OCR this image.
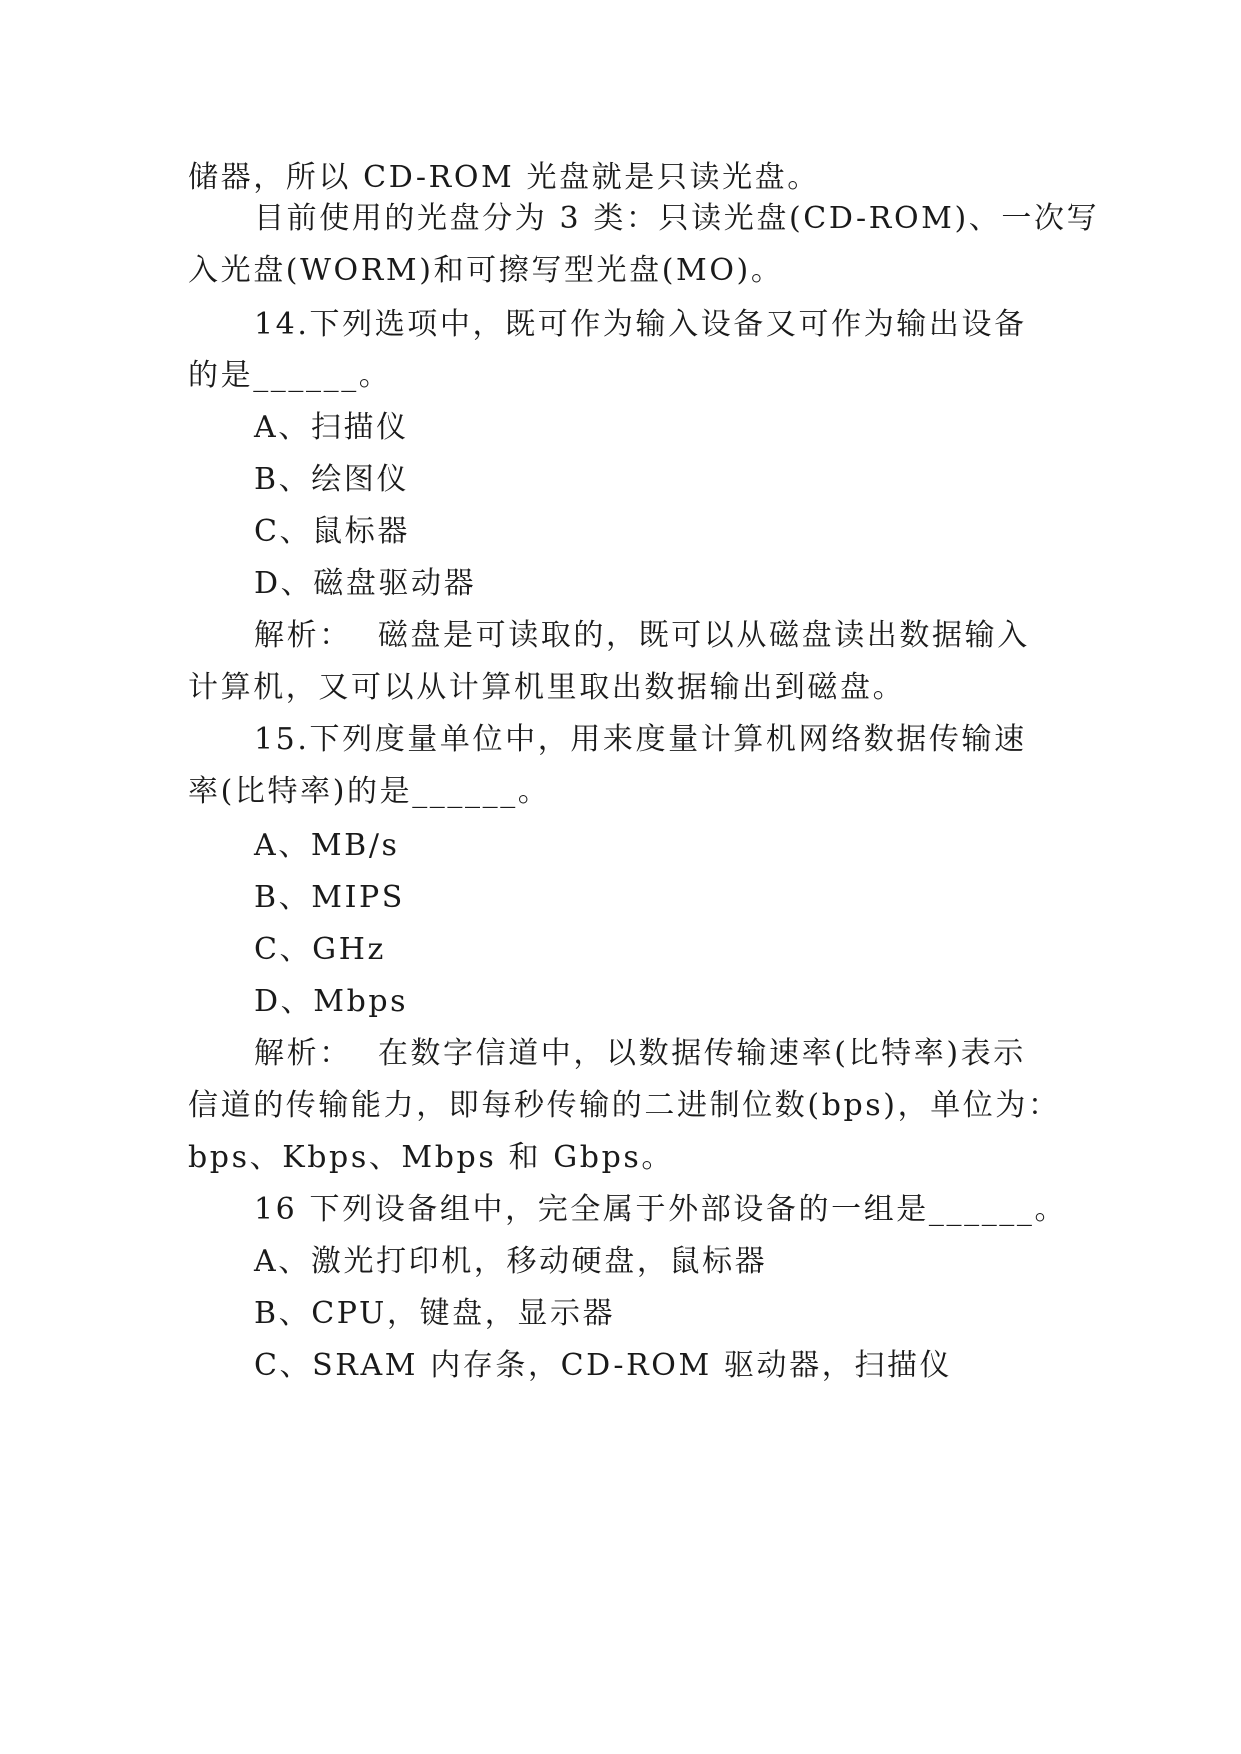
储器，所以 CD-ROM 光盘就是只读光盘。
目前使用的光盘分为 3 类：只读光盘(CD-ROM)、一次写
入光盘(WORM)和可擦写型光盘(MO)。
14.下列选项中，既可作为输入设备又可作为输出设备
的是______。
A、扫描仪
B、绘图仪
C、鼠标器
D、磁盘驱动器
解析： 磁盘是可读取的，既可以从磁盘读出数据输入
计算机，又可以从计算机里取出数据输出到磁盘。
15.下列度量单位中，用来度量计算机网络数据传输速
率(比特率)的是______。
A、MB/s
B、MIPS
C、GHz
D、Mbps
解析： 在数字信道中，以数据传输速率(比特率)表示
信道的传输能力，即每秒传输的二进制位数(bps)，单位为：
bps、Kbps、Mbps 和 Gbps。
16 下列设备组中，完全属于外部设备的一组是______。
A、激光打印机，移动硬盘，鼠标器
B、CPU，键盘，显示器
C、SRAM 内存条，CD-ROM 驱动器，扫描仪
